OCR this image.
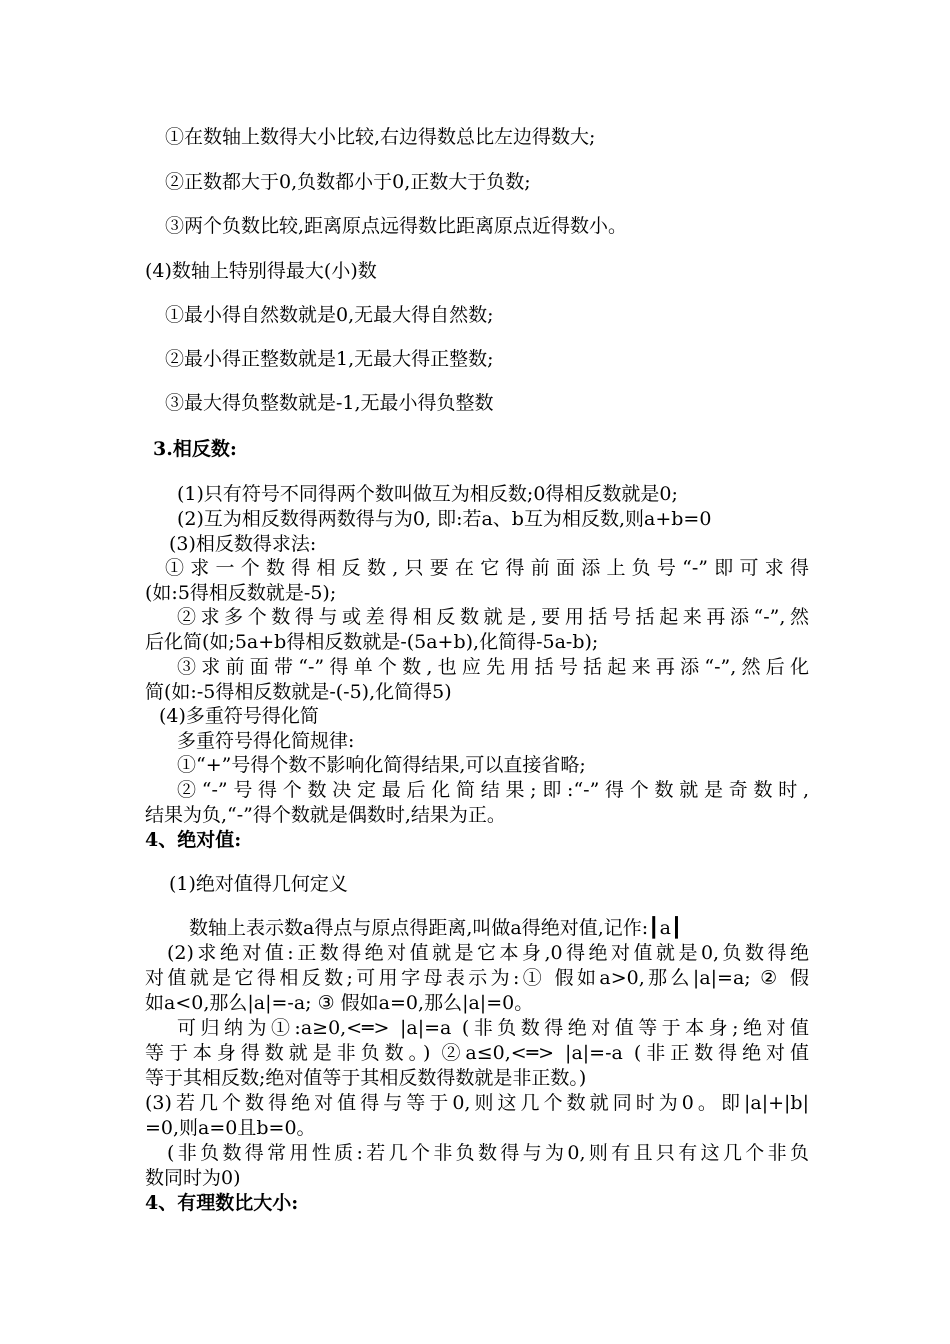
①在数轴上数得大小比较,右边得数总比左边得数大;
②正数都大于0,负数都小于0,正数大于负数;
③两个负数比较,距离原点远得数比距离原点近得数小。
(4)数轴上特别得最大(小)数
①最小得自然数就是0,无最大得自然数;
②最小得正整数就是1,无最大得正整数;
③最大得负整数就是-1,无最小得负整数
3.相反数:
(1)只有符号不同得两个数叫做互为相反数;0得相反数就是0;
(2)互为相反数得两数得与为0, 即:若a、b互为相反数,则a+b=0
(3)相反数得求法:
①求一个数得相反数,只要在它得前面添上负号“-”即可求得
(如:5得相反数就是-5);
②求多个数得与或差得相反数就是,要用括号括起来再添“-”,然
后化简(如;5a+b得相反数就是-(5a+b),化简得-5a-b);
③求前面带“-”得单个数,也应先用括号括起来再添“-”,然后化
简(如:-5得相反数就是-(-5),化简得5)
(4)多重符号得化简
多重符号得化简规律:
①“+”号得个数不影响化简得结果,可以直接省略;
②“-”号得个数决定最后化简结果;即:“-”得个数就是奇数时,
结果为负,“-”得个数就是偶数时,结果为正。
4、绝对值:
(1)绝对值得几何定义
数轴上表示数a得点与原点得距离,叫做a得绝对值,记作:┃a┃
(2)求绝对值:正数得绝对值就是它本身,0得绝对值就是0,负数得绝
对值就是它得相反数;可用字母表示为:① 假如a>0,那么|a|=a; ② 假
如a<0,那么|a|=-a; ③ 假如a=0,那么|a|=0。
可归纳为①:a≥0,<═> |a|=a (非负数得绝对值等于本身;绝对值
等于本身得数就是非负数。) ②a≤0,<═> |a|=-a (非正数得绝对值
等于其相反数;绝对值等于其相反数得数就是非正数。)
(3)若几个数得绝对值得与等于0,则这几个数就同时为0。即|a|+|b|
=0,则a=0且b=0。
(非负数得常用性质:若几个非负数得与为0,则有且只有这几个非负
数同时为0)
4、有理数比大小:
